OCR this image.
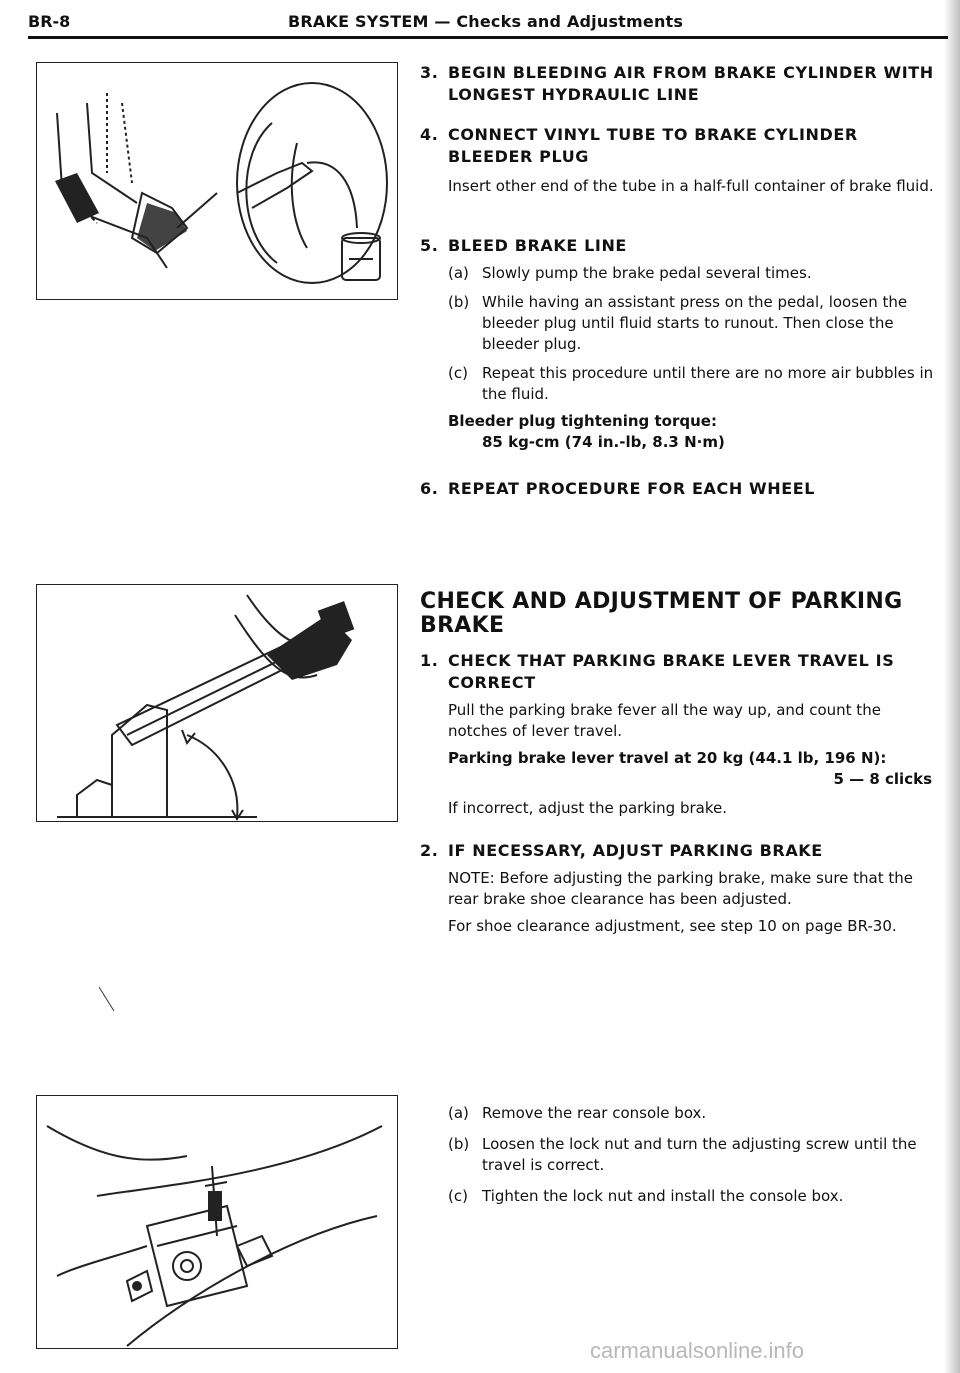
BR-8	BRAKE SYSTEM — Checks and Adjustments
3. BEGIN BLEEDING AIR FROM BRAKE CYLINDER WITH LONGEST HYDRAULIC LINE
4. CONNECT VINYL TUBE TO BRAKE CYLINDER BLEEDER PLUG
Insert other end of the tube in a half-full container of brake fluid.
5. BLEED BRAKE LINE
(a) Slowly pump the brake pedal several times.
(b) While having an assistant press on the pedal, loosen the bleeder plug until fluid starts to runout. Then close the bleeder plug.
(c) Repeat this procedure until there are no more air bubbles in the fluid.
Bleeder plug tightening torque:
85 kg-cm (74 in.-lb, 8.3 N·m)
6. REPEAT PROCEDURE FOR EACH WHEEL
CHECK AND ADJUSTMENT OF PARKING BRAKE
1. CHECK THAT PARKING BRAKE LEVER TRAVEL IS CORRECT
Pull the parking brake fever all the way up, and count the notches of lever travel.
Parking brake lever travel at 20 kg (44.1 lb, 196 N):
5 — 8 clicks
If incorrect, adjust the parking brake.
2. IF NECESSARY, ADJUST PARKING BRAKE
NOTE: Before adjusting the parking brake, make sure that the rear brake shoe clearance has been adjusted.
For shoe clearance adjustment, see step 10 on page BR-30.
(a) Remove the rear console box.
(b) Loosen the lock nut and turn the adjusting screw until the travel is correct.
(c) Tighten the lock nut and install the console box.
carmanualsonline.info
